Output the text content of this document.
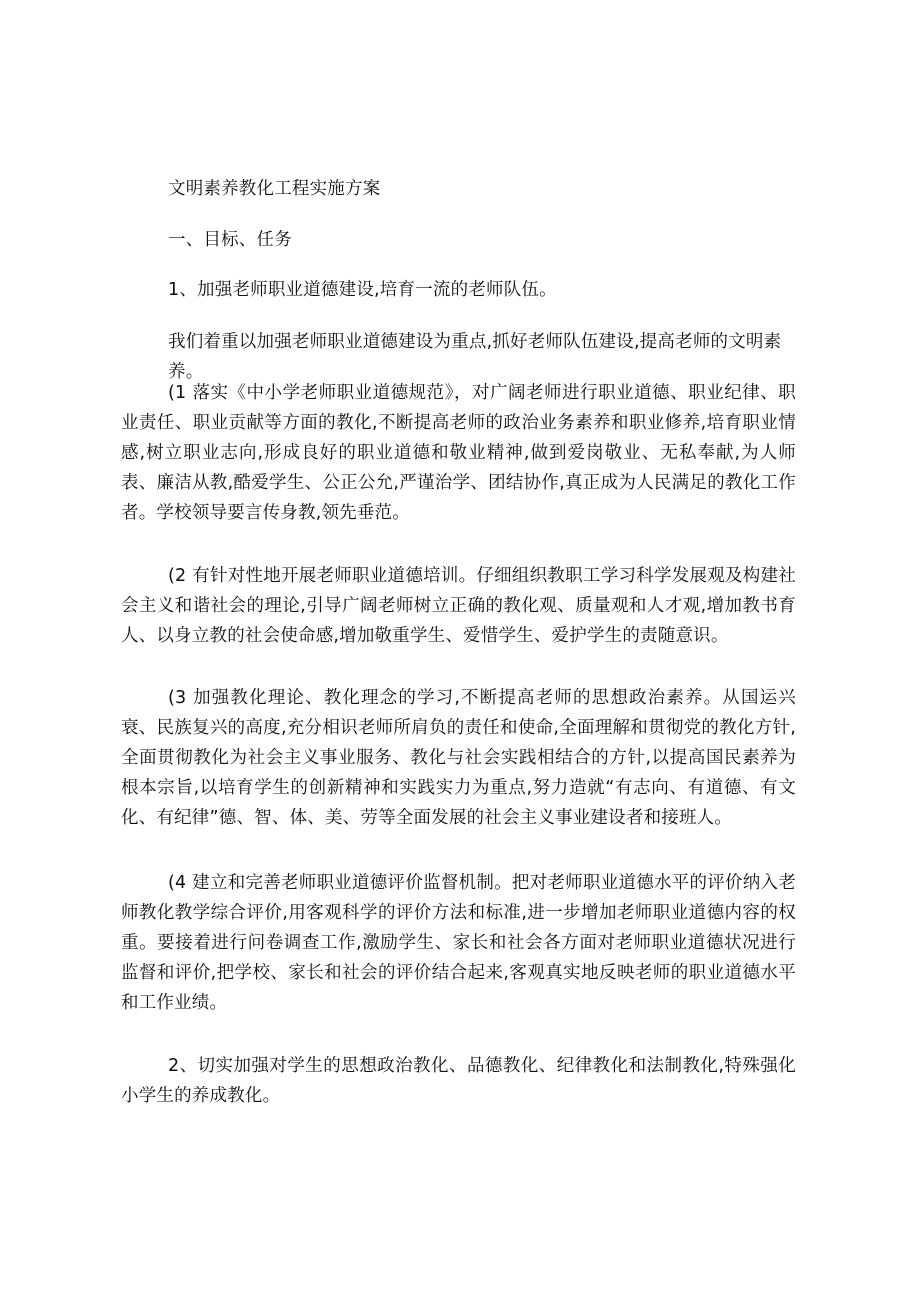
文明素养教化工程实施方案

一、目标、任务

1、加强老师职业道德建设,培育一流的老师队伍。

我们着重以加强老师职业道德建设为重点,抓好老师队伍建设,提高老师的文明素养。

(1 落实《中小学老师职业道德规范》，对广阔老师进行职业道德、职业纪律、职业责任、职业贡献等方面的教化,不断提高老师的政治业务素养和职业修养,培育职业情感,树立职业志向,形成良好的职业道德和敬业精神,做到爱岗敬业、无私奉献,为人师表、廉洁从教,酷爱学生、公正公允,严谨治学、团结协作,真正成为人民满足的教化工作者。学校领导要言传身教,领先垂范。

(2 有针对性地开展老师职业道德培训。仔细组织教职工学习科学发展观及构建社会主义和谐社会的理论,引导广阔老师树立正确的教化观、质量观和人才观,增加教书育人、以身立教的社会使命感,增加敬重学生、爱惜学生、爱护学生的责随意识。

(3 加强教化理论、教化理念的学习,不断提高老师的思想政治素养。从国运兴衰、民族复兴的高度,充分相识老师所肩负的责任和使命,全面理解和贯彻党的教化方针,全面贯彻教化为社会主义事业服务、教化与社会实践相结合的方针,以提高国民素养为根本宗旨,以培育学生的创新精神和实践实力为重点,努力造就“有志向、有道德、有文化、有纪律”德、智、体、美、劳等全面发展的社会主义事业建设者和接班人。

(4 建立和完善老师职业道德评价监督机制。把对老师职业道德水平的评价纳入老师教化教学综合评价,用客观科学的评价方法和标准,进一步增加老师职业道德内容的权重。要接着进行问卷调查工作,激励学生、家长和社会各方面对老师职业道德状况进行监督和评价,把学校、家长和社会的评价结合起来,客观真实地反映老师的职业道德水平和工作业绩。

2、切实加强对学生的思想政治教化、品德教化、纪律教化和法制教化,特殊强化小学生的养成教化。
